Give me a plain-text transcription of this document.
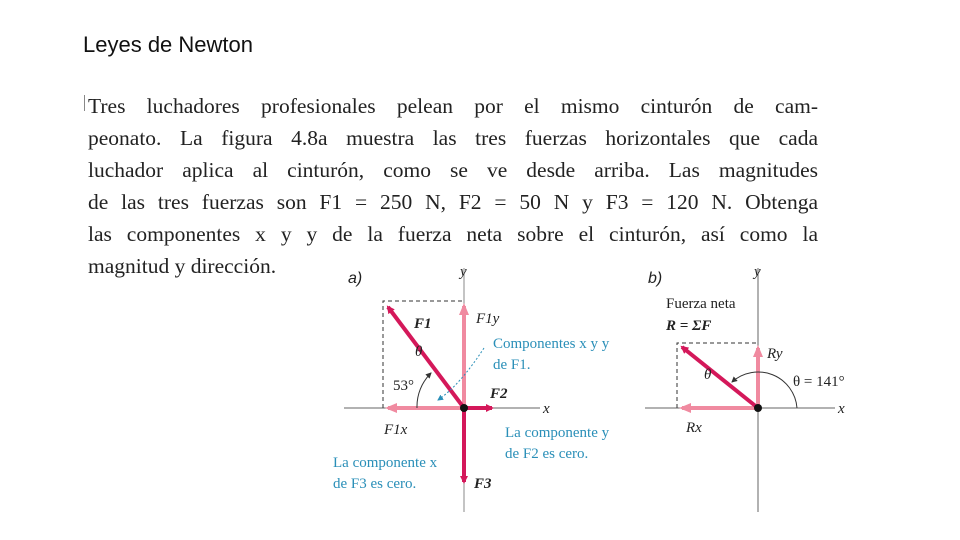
Leyes de Newton
Tres luchadores profesionales pelean por el mismo cinturón de cam-
peonato. La figura 4.8a muestra las tres fuerzas horizontales que cada
luchador aplica al cinturón, como se ve desde arriba. Las magnitudes
de las tres fuerzas son F1 = 250 N, F2 = 50 N y F3 = 120 N. Obtenga
las componentes x y y de la fuerza neta sobre el cinturón, así como la
magnitud y dirección.
a)
x
y
53°
θ
F1	F1y
F1x
F2
F3
Componentes x y y
de F1.
La componente y
de F2 es cero.
La componente x
de F3 es cero.
b)
x
y
Fuerza neta
R = ΣF
θ
Ry
Rx
θ = 141°
